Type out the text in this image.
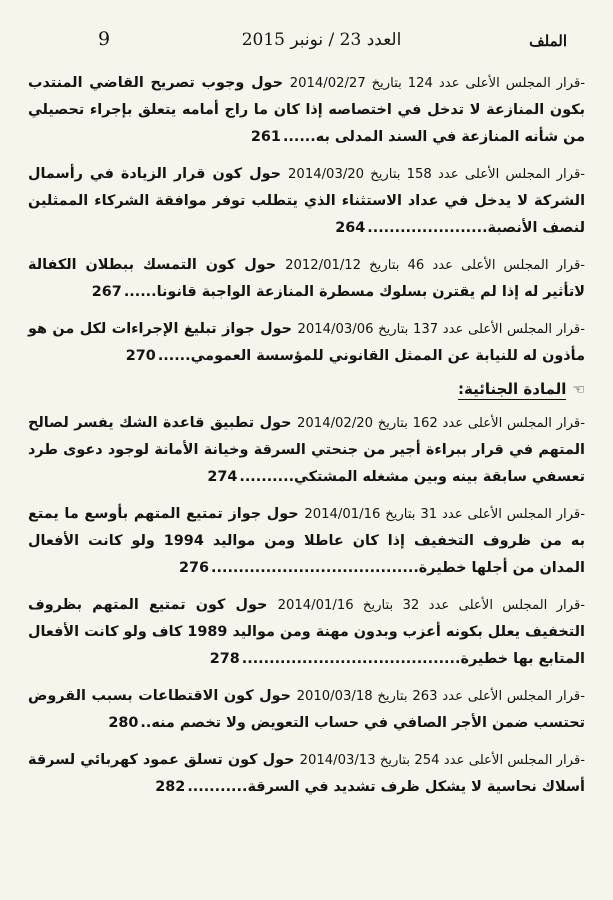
الملف
العدد 23 / نونبر 2015
9

-قرار المجلس الأعلى عدد 124 بتاريخ 2014/02/27 حول وجوب تصريح القاضي المنتدب بكون المنازعة لا تدخل في اختصاصه إذا كان ما راج أمامه يتعلق بإجراء تحصيلي من شأنه المنازعة في السند المدلى به......261

-قرار المجلس الأعلى عدد 158 بتاريخ 2014/03/20 حول كون قرار الزيادة في رأسمال الشركة لا يدخل في عداد الاستثناء الذي يتطلب توفر موافقة الشركاء الممثلين لنصف الأنصبة......................264

-قرار المجلس الأعلى عدد 46 بتاريخ 2012/01/12 حول كون التمسك ببطلان الكفالة لاتأثير له إذا لم يقترن بسلوك مسطرة المنازعة الواجبة قانونا......267

-قرار المجلس الأعلى عدد 137 بتاريخ 2014/03/06 حول جواز تبليغ الإجراءات لكل من هو مأذون له للنيابة عن الممثل القانوني للمؤسسة العمومي......270

☜المادة الجنائية:

-قرار المجلس الأعلى عدد 162 بتاريخ 2014/02/20 حول تطبيق قاعدة الشك يفسر لصالح المتهم في قرار ببراءة أجير من جنحتي السرقة وخيانة الأمانة لوجود دعوى طرد تعسفي سابقة بينه وبين مشغله المشتكي..........274

-قرار المجلس الأعلى عدد 31 بتاريخ 2014/01/16 حول جواز تمتيع المتهم بأوسع ما يمتع به من ظروف التخفيف إذا كان عاطلا ومن مواليد 1994 ولو كانت الأفعال المدان من أجلها خطيرة......................................276

-قرار المجلس الأعلى عدد 32 بتاريخ 2014/01/16 حول كون تمتيع المتهم بظروف التخفيف يعلل بكونه أعزب وبدون مهنة ومن مواليد 1989 كاف ولو كانت الأفعال المتابع بها خطيرة........................................278

-قرار المجلس الأعلى عدد 263 بتاريخ 2010/03/18 حول كون الاقتطاعات بسبب القروض تحتسب ضمن الأجر الصافي في حساب التعويض ولا تخصم منه..280

-قرار المجلس الأعلى عدد 254 بتاريخ 2014/03/13 حول كون تسلق عمود كهربائي لسرقة أسلاك نحاسية لا يشكل ظرف تشديد في السرقة...........282
